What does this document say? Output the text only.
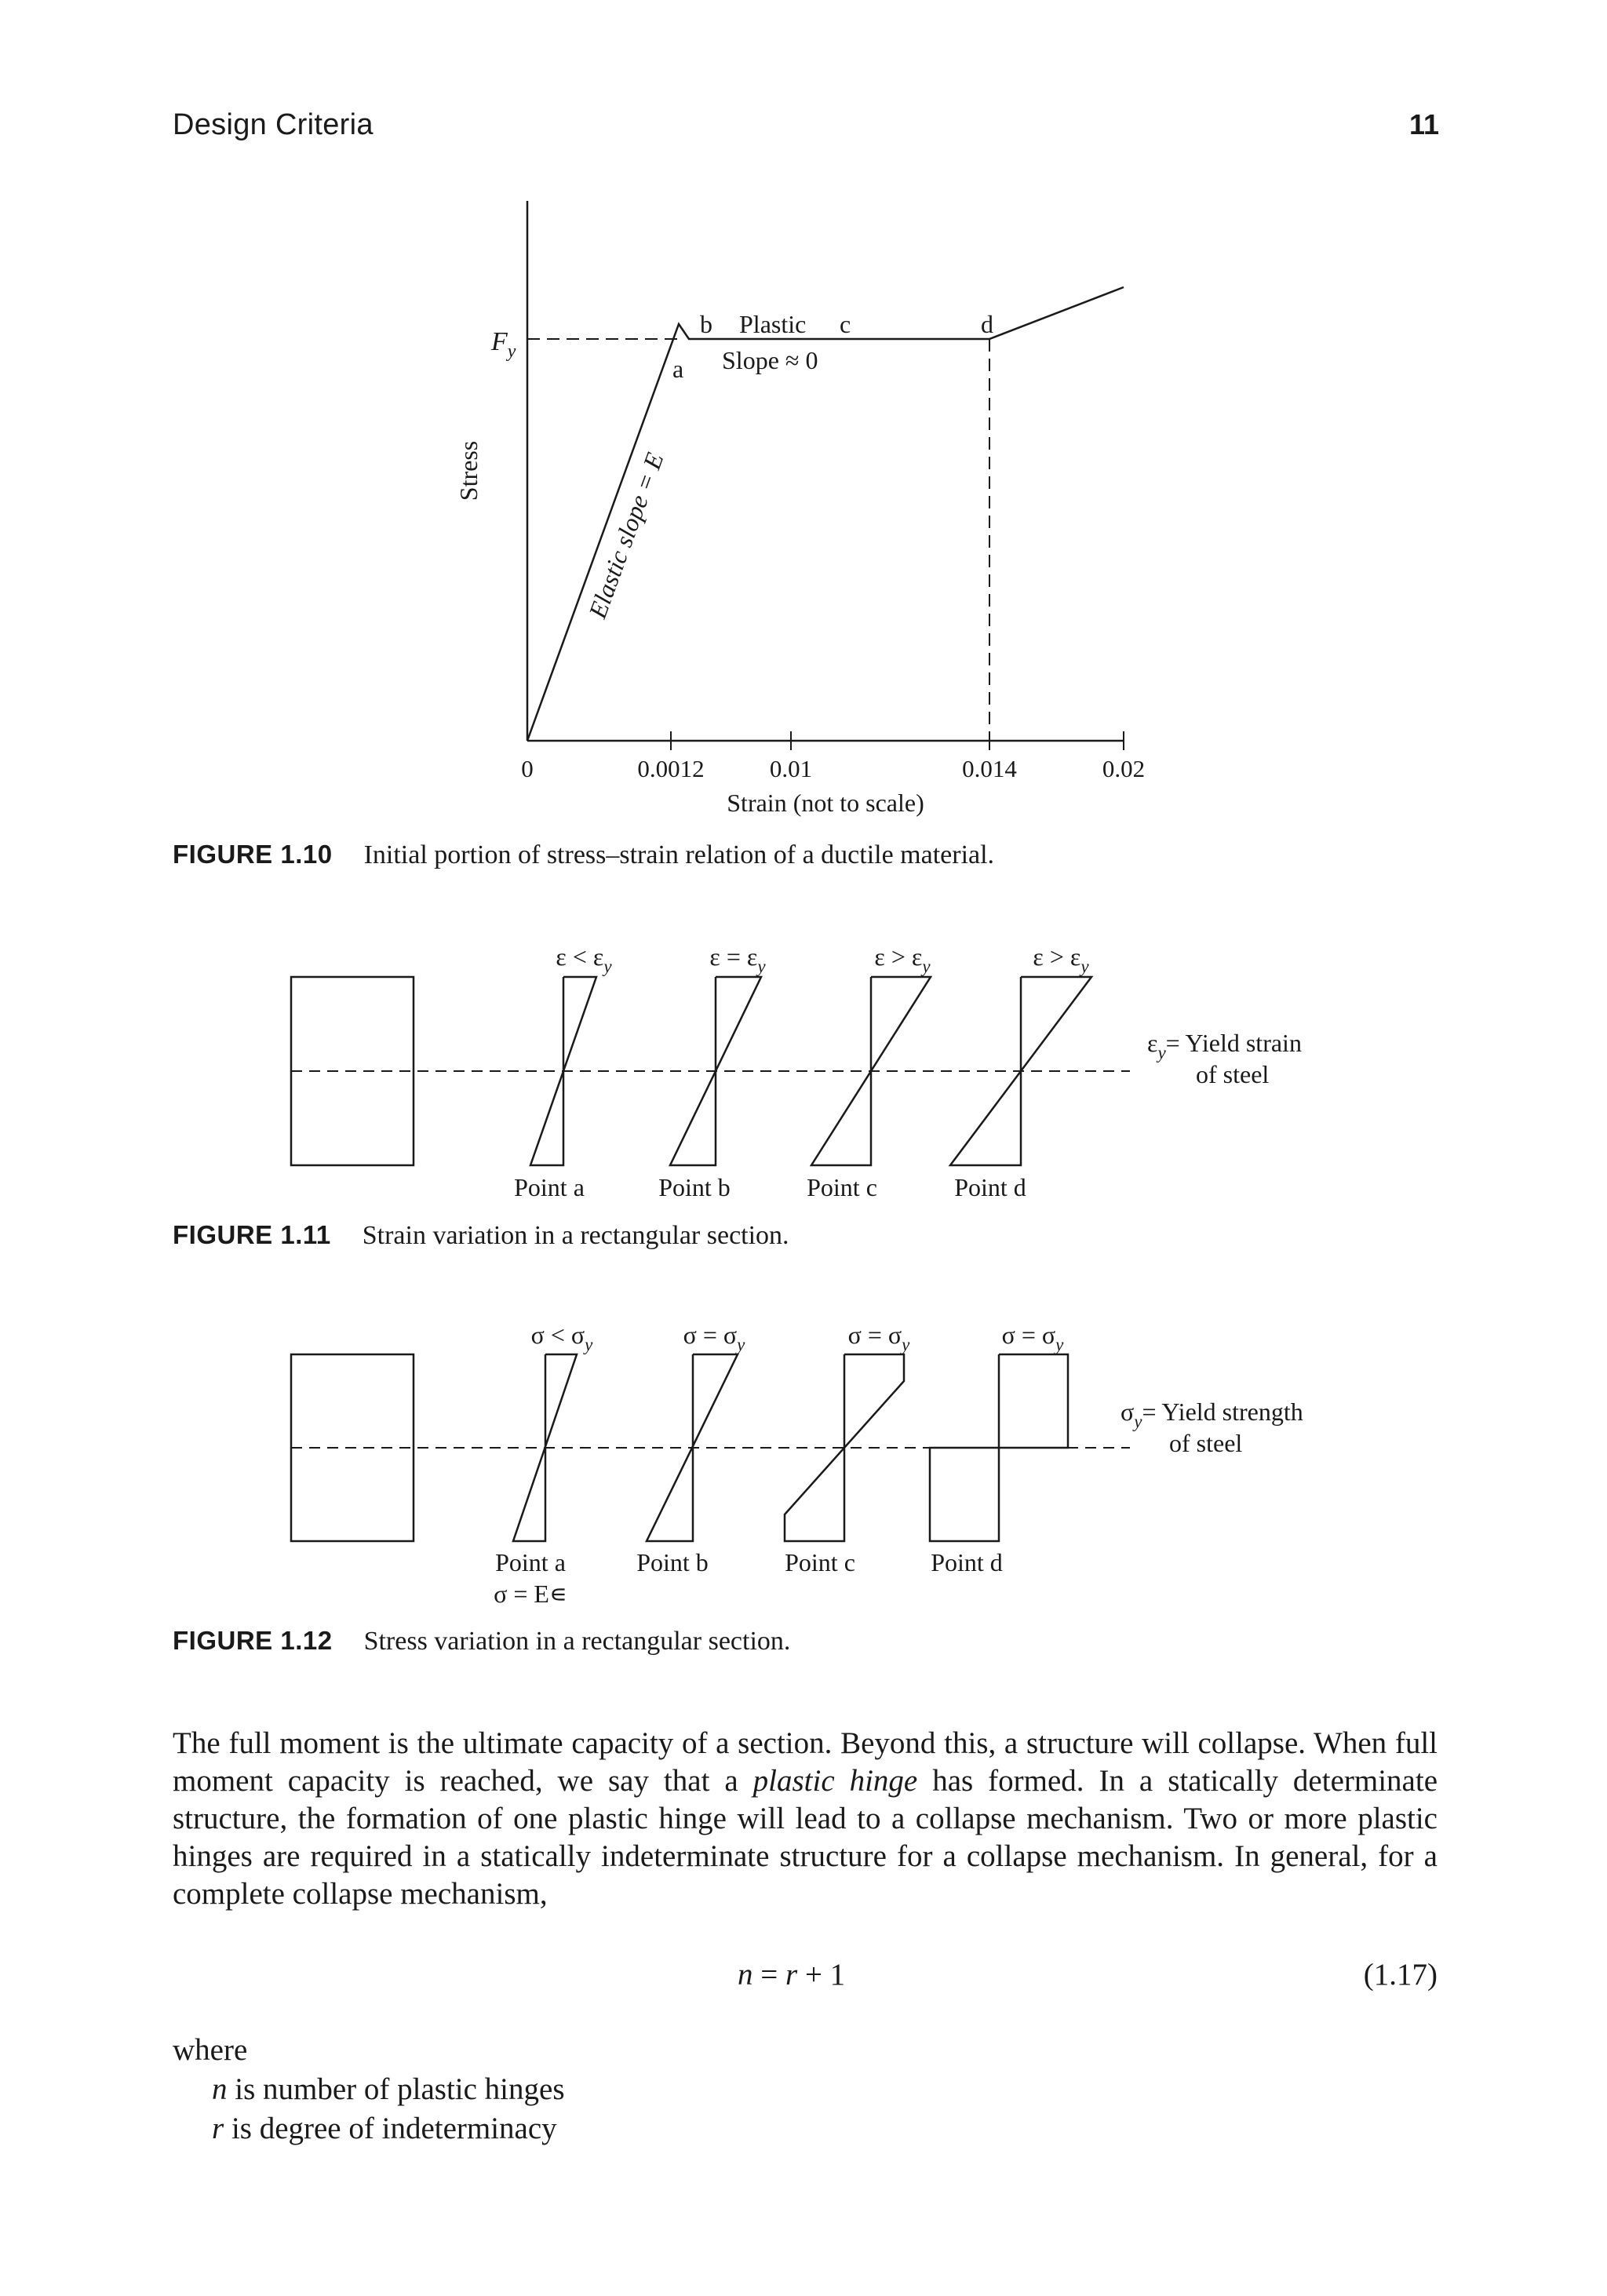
Design Criteria	11
$F_y$
Stress	Elastic slope = E
a
b Plastic c	d
Slope ≈ 0
0	0.0012	0.01	0.014	0.02
Strain (not to scale)
FIGURE 1.10 Initial portion of stress–strain relation of a ductile material.
$\varepsilon < \varepsilon_y$	$\varepsilon = \varepsilon_y$	$\varepsilon > \varepsilon_y$	$\varepsilon > \varepsilon_y$
Point a	Point b	Point c	Point d
$\varepsilon_y=$ Yield strain
of steel
FIGURE 1.11 Strain variation in a rectangular section.
$\sigma < \sigma_y$	$\sigma = \sigma_y$	$\sigma = \sigma_y$	$\sigma = \sigma_y$
Point a
σ = E∊
Point b	Point c	Point d
$\sigma_y=$ Yield strength
of steel
FIGURE 1.12 Stress variation in a rectangular section.
The full moment is the ultimate capacity of a section. Beyond this, a structure will collapse. When full moment capacity is reached, we say that a plastic hinge has formed. In a statically determinate structure, the formation of one plastic hinge will lead to a collapse mechanism. Two or more plastic hinges are required in a statically indeterminate structure for a collapse mechanism. In general, for a complete collapse mechanism,
n = r + 1	(1.17)
where
n is number of plastic hinges
r is degree of indeterminacy
